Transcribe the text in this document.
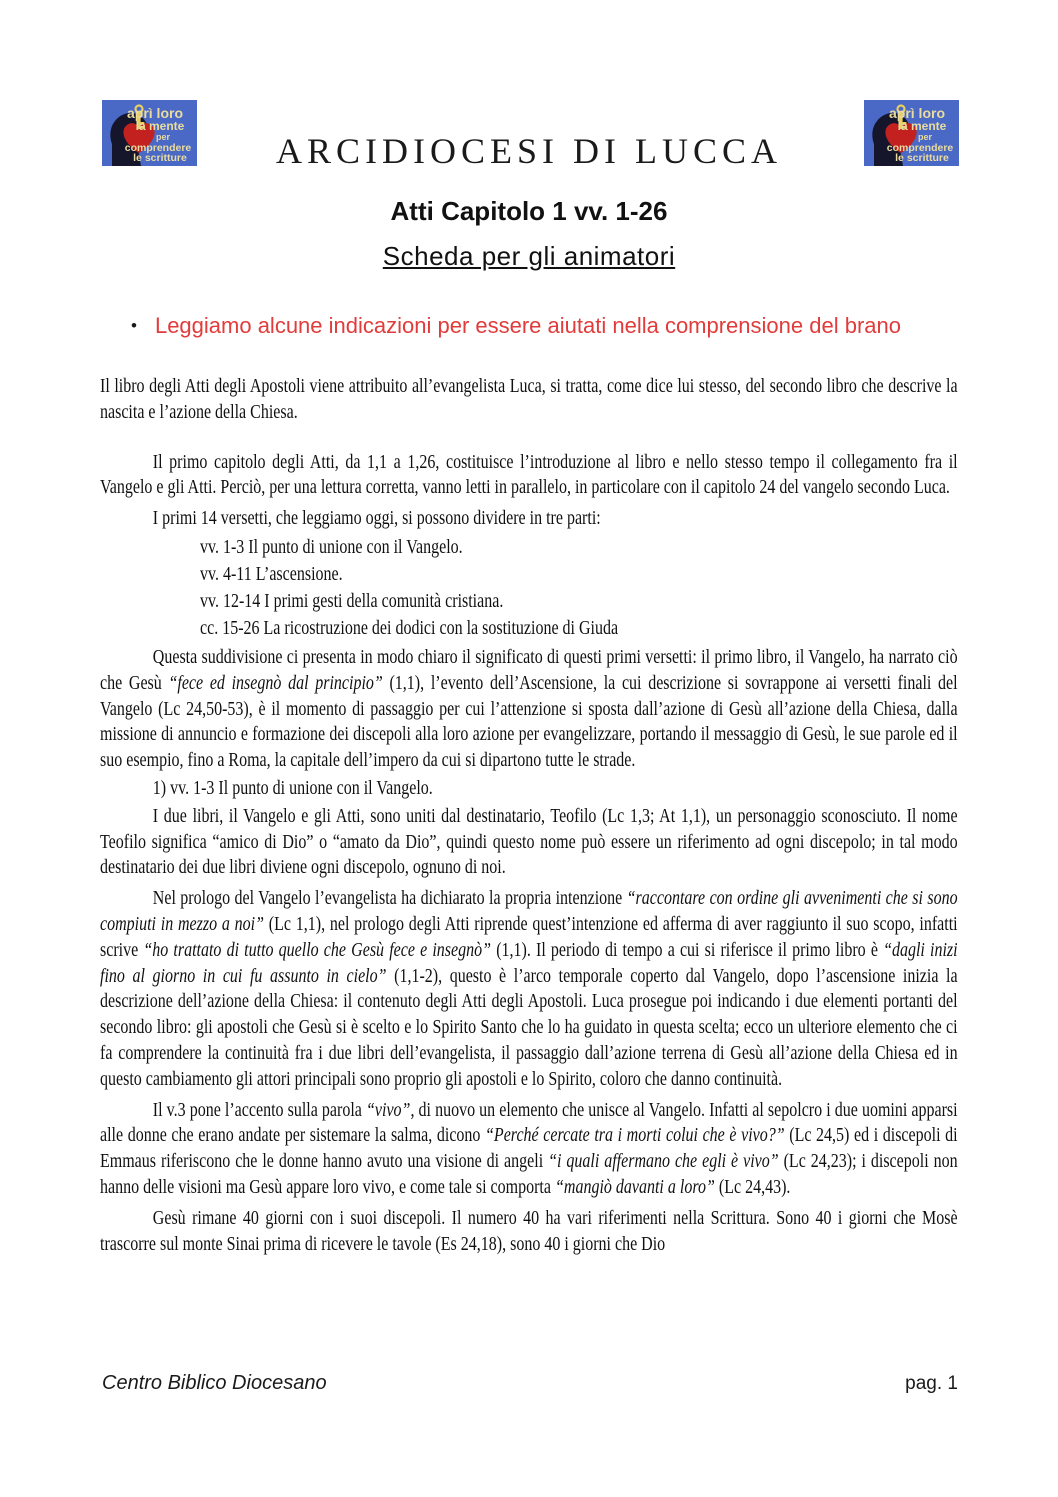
aprì loro
la mente
per
comprendere
le scritture
aprì loro
la mente
per
comprendere
le scritture
ARCIDIOCESI DI LUCCA
Atti Capitolo 1 vv. 1-26
Scheda per gli animatori
• Leggiamo alcune indicazioni per essere aiutati nella comprensione del brano

Il libro degli Atti degli Apostoli viene attribuito all’evangelista Luca, si tratta, come dice lui stesso, del secondo libro che descrive la nascita e l’azione della Chiesa.

Il primo capitolo degli Atti, da 1,1 a 1,26, costituisce l’introduzione al libro e nello stesso tempo il collegamento fra il Vangelo e gli Atti. Perciò, per una lettura corretta, vanno letti in parallelo, in particolare con il capitolo 24 del vangelo secondo Luca.

I primi 14 versetti, che leggiamo oggi, si possono dividere in tre parti:

vv. 1-3 Il punto di unione con il Vangelo.
vv. 4-11 L’ascensione.
vv. 12-14 I primi gesti della comunità cristiana.
cc. 15-26 La ricostruzione dei dodici con la sostituzione di Giuda

Questa suddivisione ci presenta in modo chiaro il significato di questi primi versetti: il primo libro, il Vangelo, ha narrato ciò che Gesù “fece ed insegnò dal principio” (1,1), l’evento dell’Ascensione, la cui descrizione si sovrappone ai versetti finali del Vangelo (Lc 24,50-53), è il momento di passaggio per cui l’attenzione si sposta dall’azione di Gesù all’azione della Chiesa, dalla missione di annuncio e formazione dei discepoli alla loro azione per evangelizzare, portando il messaggio di Gesù, le sue parole ed il suo esempio, fino a Roma, la capitale dell’impero da cui si dipartono tutte le strade.

1) vv. 1-3 Il punto di unione con il Vangelo.

I due libri, il Vangelo e gli Atti, sono uniti dal destinatario, Teofilo (Lc 1,3; At 1,1), un personaggio sconosciuto. Il nome Teofilo significa “amico di Dio” o “amato da Dio”, quindi questo nome può essere un riferimento ad ogni discepolo; in tal modo destinatario dei due libri diviene ogni discepolo, ognuno di noi.

Nel prologo del Vangelo l’evangelista ha dichiarato la propria intenzione “raccontare con ordine gli avvenimenti che si sono compiuti in mezzo a noi” (Lc 1,1), nel prologo degli Atti riprende quest’intenzione ed afferma di aver raggiunto il suo scopo, infatti scrive “ho trattato di tutto quello che Gesù fece e insegnò” (1,1). Il periodo di tempo a cui si riferisce il primo libro è “dagli inizi fino al giorno in cui fu assunto in cielo” (1,1-2), questo è l’arco temporale coperto dal Vangelo, dopo l’ascensione inizia la descrizione dell’azione della Chiesa: il contenuto degli Atti degli Apostoli. Luca prosegue poi indicando i due elementi portanti del secondo libro: gli apostoli che Gesù si è scelto e lo Spirito Santo che lo ha guidato in questa scelta; ecco un ulteriore elemento che ci fa comprendere la continuità fra i due libri dell’evangelista, il passaggio dall’azione terrena di Gesù all’azione della Chiesa ed in questo cambiamento gli attori principali sono proprio gli apostoli e lo Spirito, coloro che danno continuità.

Il v.3 pone l’accento sulla parola “vivo”, di nuovo un elemento che unisce al Vangelo. Infatti al sepolcro i due uomini apparsi alle donne che erano andate per sistemare la salma, dicono “Perché cercate tra i morti colui che è vivo?” (Lc 24,5) ed i discepoli di Emmaus riferiscono che le donne hanno avuto una visione di angeli “i quali affermano che egli è vivo” (Lc 24,23); i discepoli non hanno delle visioni ma Gesù appare loro vivo, e come tale si comporta “mangiò davanti a loro” (Lc 24,43).

Gesù rimane 40 giorni con i suoi discepoli. Il numero 40 ha vari riferimenti nella Scrittura. Sono 40 i giorni che Mosè trascorre sul monte Sinai prima di ricevere le tavole (Es 24,18), sono 40 i giorni che Dio

Centro Biblico Diocesano	pag. 1
